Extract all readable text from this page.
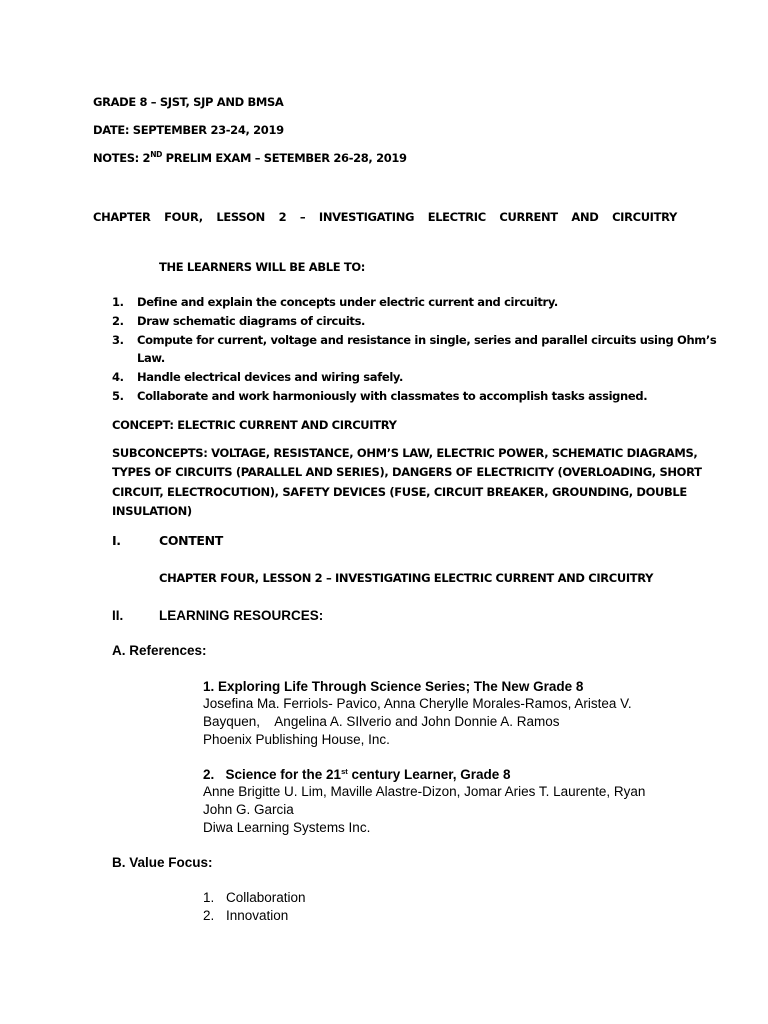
GRADE 8 – SJST, SJP AND BMSA
DATE: SEPTEMBER 23-24, 2019
NOTES: 2ND PRELIM EXAM – SETEMBER 26-28, 2019
CHAPTER FOUR, LESSON 2 – INVESTIGATING ELECTRIC CURRENT AND CIRCUITRY
THE LEARNERS WILL BE ABLE TO:
1. Define and explain the concepts under electric current and circuitry.
2. Draw schematic diagrams of circuits.
3. Compute for current, voltage and resistance in single, series and parallel circuits using Ohm’s
Law.
4. Handle electrical devices and wiring safely.
5. Collaborate and work harmoniously with classmates to accomplish tasks assigned.
CONCEPT: ELECTRIC CURRENT AND CIRCUITRY
SUBCONCEPTS: VOLTAGE, RESISTANCE, OHM’S LAW, ELECTRIC POWER, SCHEMATIC DIAGRAMS,
TYPES OF CIRCUITS (PARALLEL AND SERIES), DANGERS OF ELECTRICITY (OVERLOADING, SHORT
CIRCUIT, ELECTROCUTION), SAFETY DEVICES (FUSE, CIRCUIT BREAKER, GROUNDING, DOUBLE
INSULATION)
I.	CONTENT
CHAPTER FOUR, LESSON 2 – INVESTIGATING ELECTRIC CURRENT AND CIRCUITRY
II.	LEARNING RESOURCES:
A. References:
1. Exploring Life Through Science Series; The New Grade 8
Josefina Ma. Ferriols- Pavico, Anna Cherylle Morales-Ramos, Aristea V.
Bayquen,    Angelina A. SIlverio and John Donnie A. Ramos
Phoenix Publishing House, Inc.
2.   Science for the 21st century Learner, Grade 8
Anne Brigitte U. Lim, Maville Alastre-Dizon, Jomar Aries T. Laurente, Ryan
John G. Garcia
Diwa Learning Systems Inc.
B. Value Focus:
1. Collaboration
2. Innovation
